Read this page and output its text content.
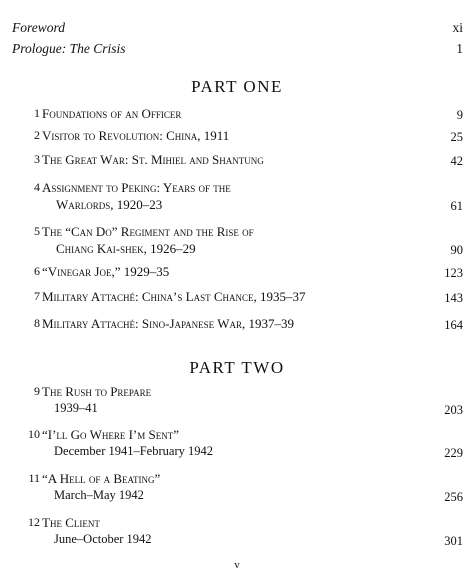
Foreword	xi
Prologue: The Crisis	1
PART ONE
1 Foundations of an Officer	9
2 Visitor to Revolution: China, 1911	25
3 The Great War: St. Mihiel and Shantung	42
4 Assignment to Peking: Years of the
Warlords, 1920–23	61
5 The “Can Do” Regiment and the Rise of
Chiang Kai-shek, 1926–29	90
6 “Vinegar Joe,” 1929–35	123
7 Military Attaché: China’s Last Chance, 1935–37	143
8 Military Attaché: Sino-Japanese War, 1937–39	164
PART TWO
9 The Rush to Prepare
1939–41	203
10 “I’ll Go Where I’m Sent”
December 1941–February 1942	229
11 “A Hell of a Beating”
March–May 1942	256
12 The Client
June–October 1942	301
v
